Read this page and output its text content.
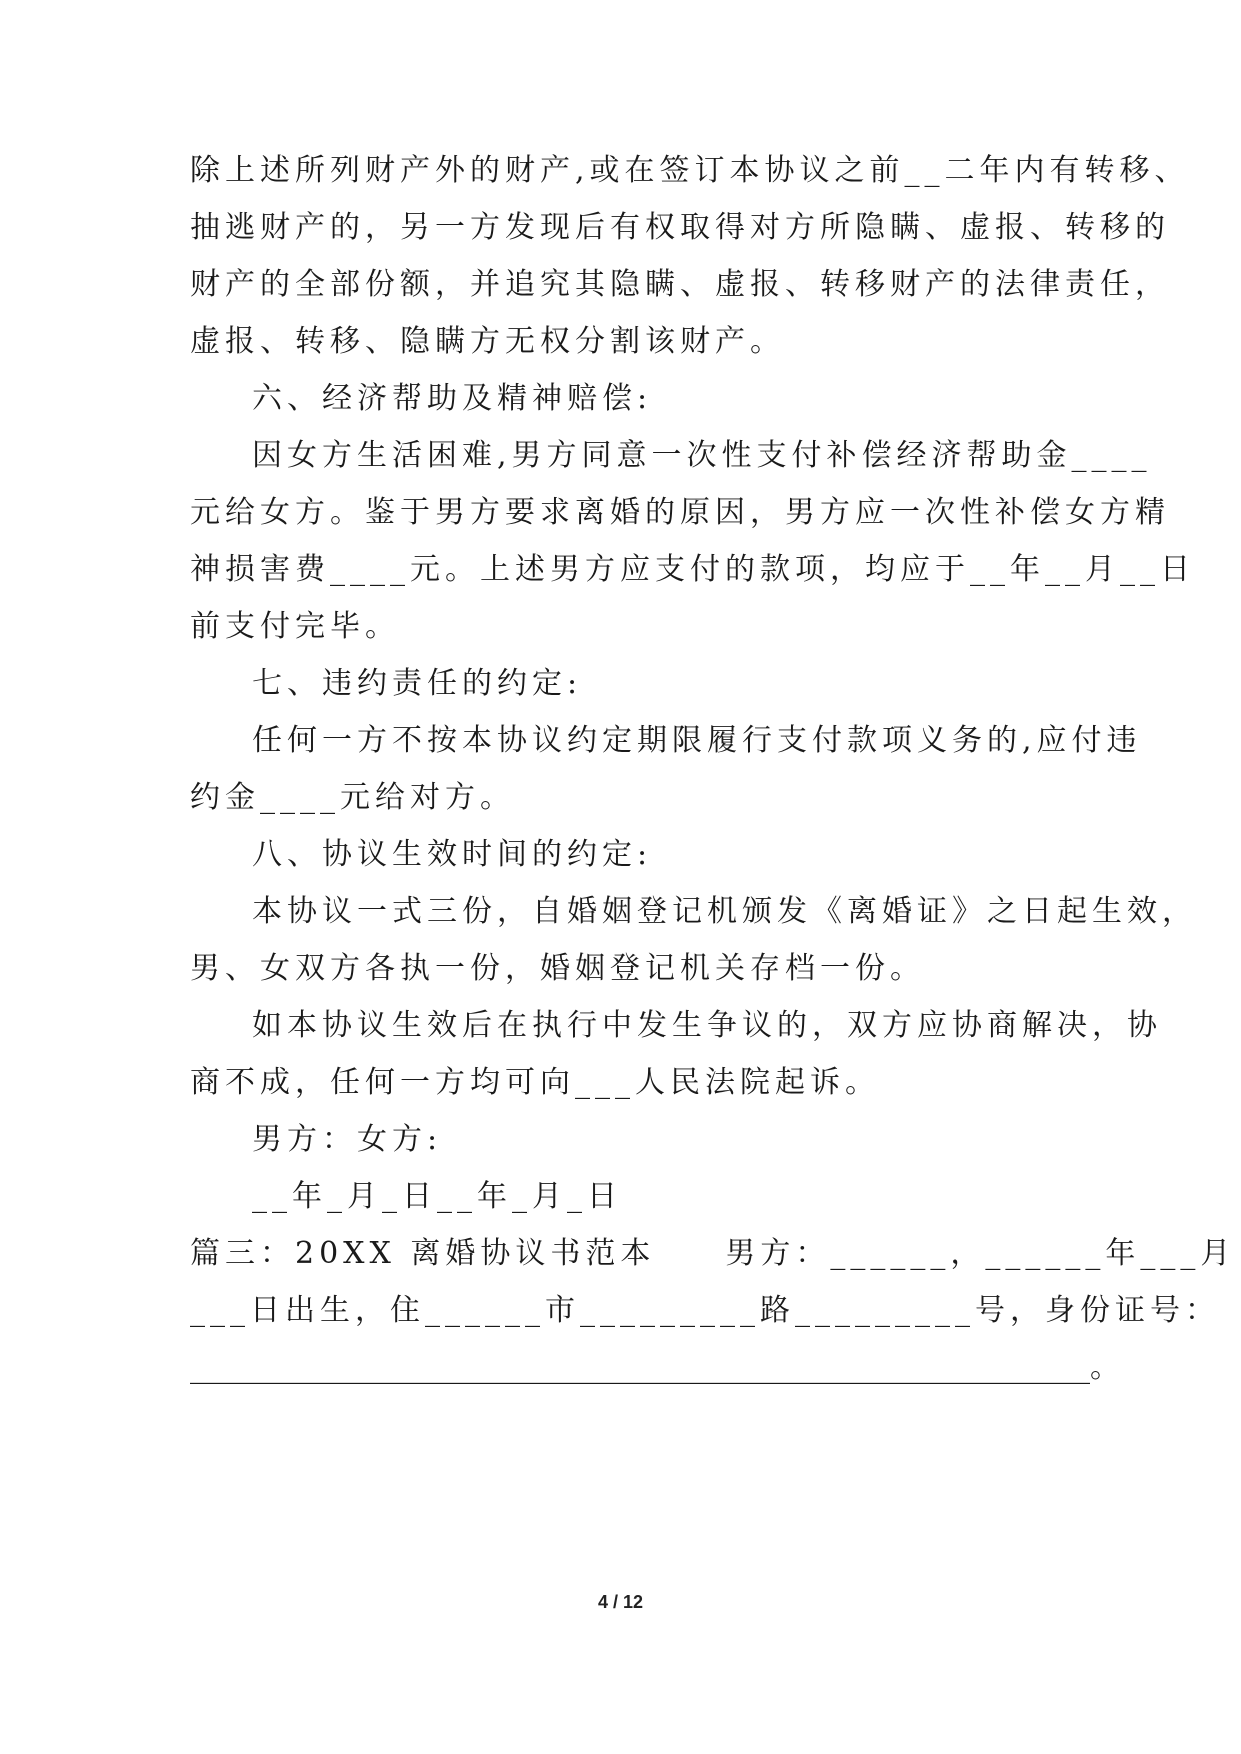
除上述所列财产外的财产,或在签订本协议之前__二年内有转移、
抽逃财产的，另一方发现后有权取得对方所隐瞒、虚报、转移的
财产的全部份额，并追究其隐瞒、虚报、转移财产的法律责任，
虚报、转移、隐瞒方无权分割该财产。
六、经济帮助及精神赔偿:
因女方生活困难,男方同意一次性支付补偿经济帮助金____
元给女方。鉴于男方要求离婚的原因，男方应一次性补偿女方精
神损害费____元。上述男方应支付的款项，均应于__年__月__日
前支付完毕。
七、违约责任的约定:
任何一方不按本协议约定期限履行支付款项义务的,应付违
约金____元给对方。
八、协议生效时间的约定:
本协议一式三份，自婚姻登记机颁发《离婚证》之日起生效，
男、女双方各执一份，婚姻登记机关存档一份。
如本协议生效后在执行中发生争议的，双方应协商解决，协
商不成，任何一方均可向___人民法院起诉。
男方：女方:
__年_月_日__年_月_日
篇三：20XX 离婚协议书范本　　男方：______，______年___月
___日出生，住______市_________路_________号，身份证号：
____________________________________________________________。
4 / 12
